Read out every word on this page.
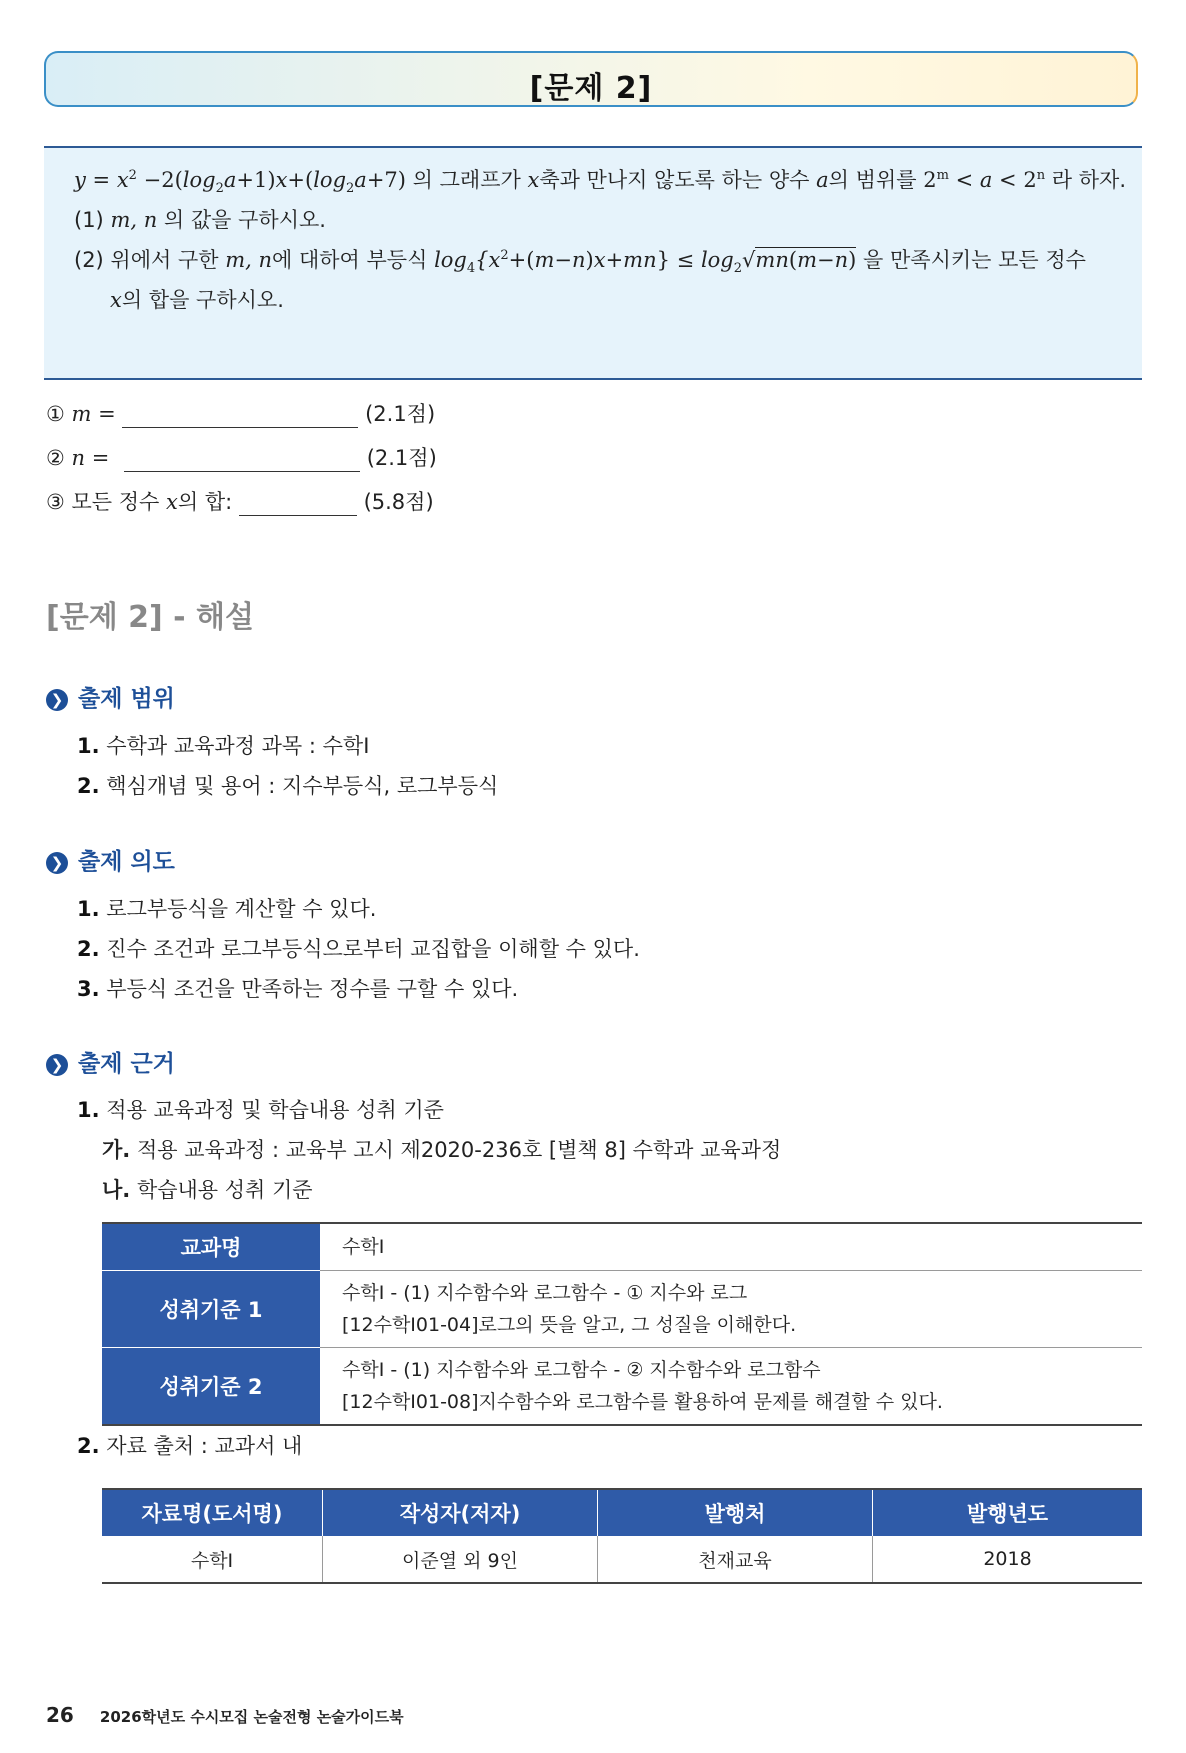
[문제 2]
$y = x^2 -2(\log_2a+1)x+(\log_2a+7)$ 의 그래프가 x축과 만나지 않도록 하는 양수 a의 범위를 $2^m < a < 2^n$ 라 하자.
(1) m, n 의 값을 구하시오.
(2) 위에서 구한 m, n에 대하여 부등식 $\log_4\{x^2+(m-n)x+mn\} \le \log_2√mn(m-n)$ 을 만족시키는 모든 정수
x의 합을 구하시오.
① m =	(2.1점)
② n =	(2.1점)
③ 모든 정수 x의 합:	(5.8점)
[문제 2] - 해설
❯ 출제 범위
1. 수학과 교육과정 과목 : 수학Ⅰ
2. 핵심개념 및 용어 : 지수부등식, 로그부등식
❯ 출제 의도
1. 로그부등식을 계산할 수 있다.
2. 진수 조건과 로그부등식으로부터 교집합을 이해할 수 있다.
3. 부등식 조건을 만족하는 정수를 구할 수 있다.
❯ 출제 근거
1. 적용 교육과정 및 학습내용 성취 기준
가. 적용 교육과정 : 교육부 고시 제2020-236호 [별책 8] 수학과 교육과정
나. 학습내용 성취 기준
교과명	수학Ⅰ

성취기준 1	수학Ⅰ - (1) 지수함수와 로그함수 - ① 지수와 로그
[12수학Ⅰ01-04]로그의 뜻을 알고, 그 성질을 이해한다.

성취기준 2	수학Ⅰ - (1) 지수함수와 로그함수 - ② 지수함수와 로그함수
[12수학Ⅰ01-08]지수함수와 로그함수를 활용하여 문제를 해결할 수 있다.
2. 자료 출처 : 교과서 내
자료명(도서명)	작성자(저자)	발행처	발행년도
수학Ⅰ	이준열 외 9인	천재교육	2018
26 2026학년도 수시모집 논술전형 논술가이드북
